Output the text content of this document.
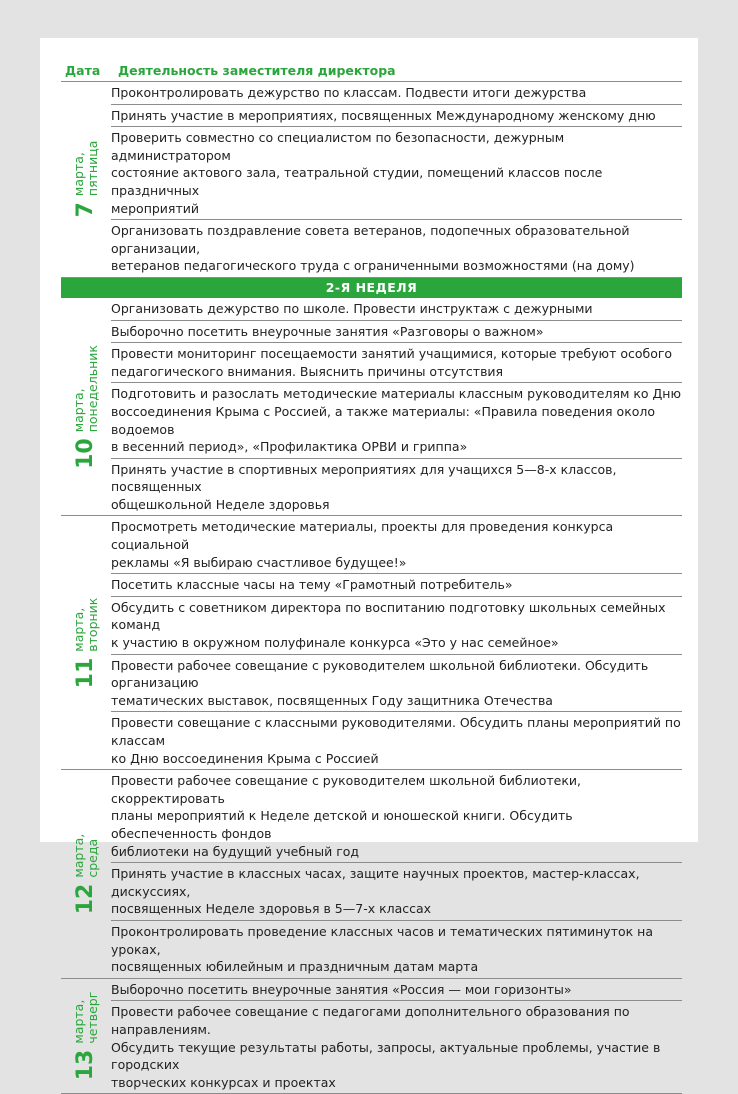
Дата	Деятельность заместителя директора
7
марта, пятница
Проконтролировать дежурство по классам. Подвести итоги дежурства
Принять участие в мероприятиях, посвященных Международному женскому дню
Проверить совместно со специалистом по безопасности, дежурным администратором
состояние актового зала, театральной студии, помещений классов после праздничных
мероприятий
Организовать поздравление совета ветеранов, подопечных образовательной организации,
ветеранов педагогического труда с ограниченными возможностями (на дому)
2-Я НЕДЕЛЯ
10
марта, понедельник
Организовать дежурство по школе. Провести инструктаж с дежурными
Выборочно посетить внеурочные занятия «Разговоры о важном»
Провести мониторинг посещаемости занятий учащимися, которые требуют особого
педагогического внимания. Выяснить причины отсутствия
Подготовить и разослать методические материалы классным руководителям ко Дню
воссоединения Крыма с Россией, а также материалы: «Правила поведения около водоемов
в весенний период», «Профилактика ОРВИ и гриппа»
Принять участие в спортивных мероприятиях для учащихся 5—8-х классов, посвященных
общешкольной Неделе здоровья
11
марта, вторник
Просмотреть методические материалы, проекты для проведения конкурса социальной
рекламы «Я выбираю счастливое будущее!»
Посетить классные часы на тему «Грамотный потребитель»
Обсудить с советником директора по воспитанию подготовку школьных семейных команд
к участию в окружном полуфинале конкурса «Это у нас семейное»
Провести рабочее совещание с руководителем школьной библиотеки. Обсудить организацию
тематических выставок, посвященных Году защитника Отечества
Провести совещание с классными руководителями. Обсудить планы мероприятий по классам
ко Дню воссоединения Крыма с Россией
12
марта, среда
Провести рабочее совещание с руководителем школьной библиотеки, скорректировать
планы мероприятий к Неделе детской и юношеской книги. Обсудить обеспеченность фондов
библиотеки на будущий учебный год
Принять участие в классных часах, защите научных проектов, мастер-классах, дискуссиях,
посвященных Неделе здоровья в 5—7-х классах
Проконтролировать проведение классных часов и тематических пятиминуток на уроках,
посвященных юбилейным и праздничным датам марта
13
марта, четверг
Выборочно посетить внеурочные занятия «Россия — мои горизонты»
Провести рабочее совещание с педагогами дополнительного образования по направлениям.
Обсудить текущие результаты работы, запросы, актуальные проблемы, участие в городских
творческих конкурсах и проектах
